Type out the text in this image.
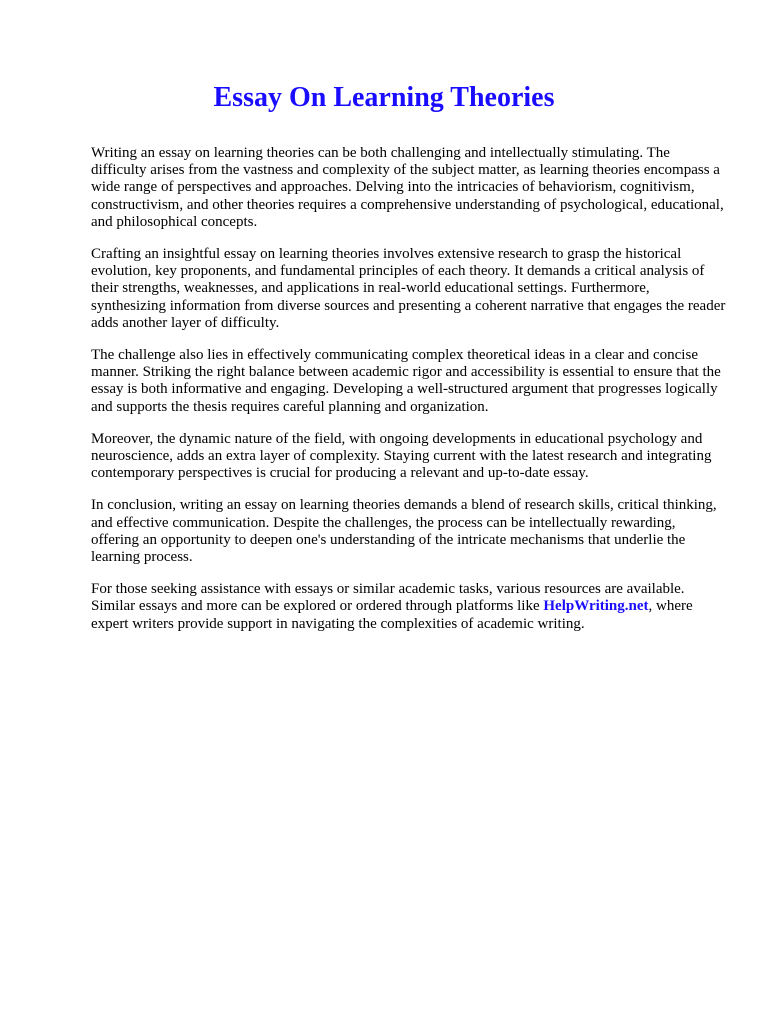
Essay On Learning Theories

Writing an essay on learning theories can be both challenging and intellectually stimulating. The difficulty arises from the vastness and complexity of the subject matter, as learning theories encompass a wide range of perspectives and approaches. Delving into the intricacies of behaviorism, cognitivism, constructivism, and other theories requires a comprehensive understanding of psychological, educational, and philosophical concepts.

Crafting an insightful essay on learning theories involves extensive research to grasp the historical evolution, key proponents, and fundamental principles of each theory. It demands a critical analysis of their strengths, weaknesses, and applications in real-world educational settings. Furthermore, synthesizing information from diverse sources and presenting a coherent narrative that engages the reader adds another layer of difficulty.

The challenge also lies in effectively communicating complex theoretical ideas in a clear and concise manner. Striking the right balance between academic rigor and accessibility is essential to ensure that the essay is both informative and engaging. Developing a well-structured argument that progresses logically and supports the thesis requires careful planning and organization.

Moreover, the dynamic nature of the field, with ongoing developments in educational psychology and neuroscience, adds an extra layer of complexity. Staying current with the latest research and integrating contemporary perspectives is crucial for producing a relevant and up-to-date essay.

In conclusion, writing an essay on learning theories demands a blend of research skills, critical thinking, and effective communication. Despite the challenges, the process can be intellectually rewarding, offering an opportunity to deepen one's understanding of the intricate mechanisms that underlie the learning process.

For those seeking assistance with essays or similar academic tasks, various resources are available. Similar essays and more can be explored or ordered through platforms like HelpWriting.net, where expert writers provide support in navigating the complexities of academic writing.
